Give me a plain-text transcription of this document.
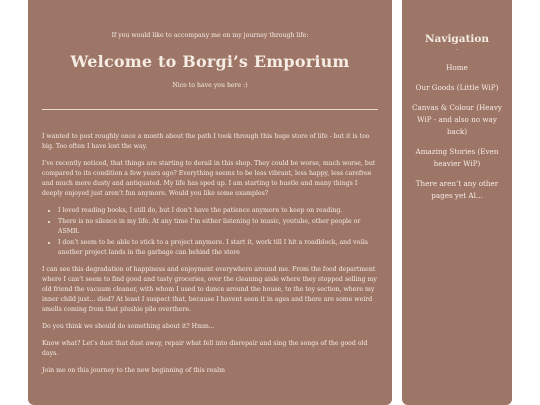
If you would like to accompany me on my journey through life:
Welcome to Borgi’s Emporium
Nice to have you here :)

I wanted to post roughly once a month about the path I took through this huge store of life - but it is too big. Too often I have lost the way.

I’ve recently noticed, that things are starting to derail in this shop. They could be worse, much worse, but compared to its condition a few years ago? Everything seems to be less vibrant, less happy, less carefree and much more dusty and antiquated. My life has sped up. I am starting to hustle and many things I deeply enjoyed just aren’t fun anymore. Would you like some examples?

• I loved reading books, I still do, but I don’t have the patience anymore to keep on reading.
• There is no silence in my life. At any time I’m either listening to music, youtube, other people or ASMR.
• I don’t seem to be able to stick to a project anymore. I start it, work till I hit a roadblock, and voila another project lands in the garbage can behind the store

I can see this degradation of happiness and enjoyment everywhere around me. From the food department where I can’t seem to find good and tasty groceries, over the cleaning aisle where they stopped selling my old friend the vacuum cleaner, with whom I used to dance around the house, to the toy section, where my inner child just... died? At least I suspect that, because I havent seen it in ages and there are some weird smells coming from that plushie pile overthere.

Do you think we should do something about it? Hmm...

Know what? Let’s dust that dust away, repair what fell into disrepair and sing the songs of the good old days.

Join me on this journey to the new beginning of this realm

Navigation
·
Home
Our Goods (Little WiP)
Canvas & Colour (Heavy WiP - and also no way back)
Amazing Stories (Even heavier WiP)
There aren’t any other pages yet Al...
